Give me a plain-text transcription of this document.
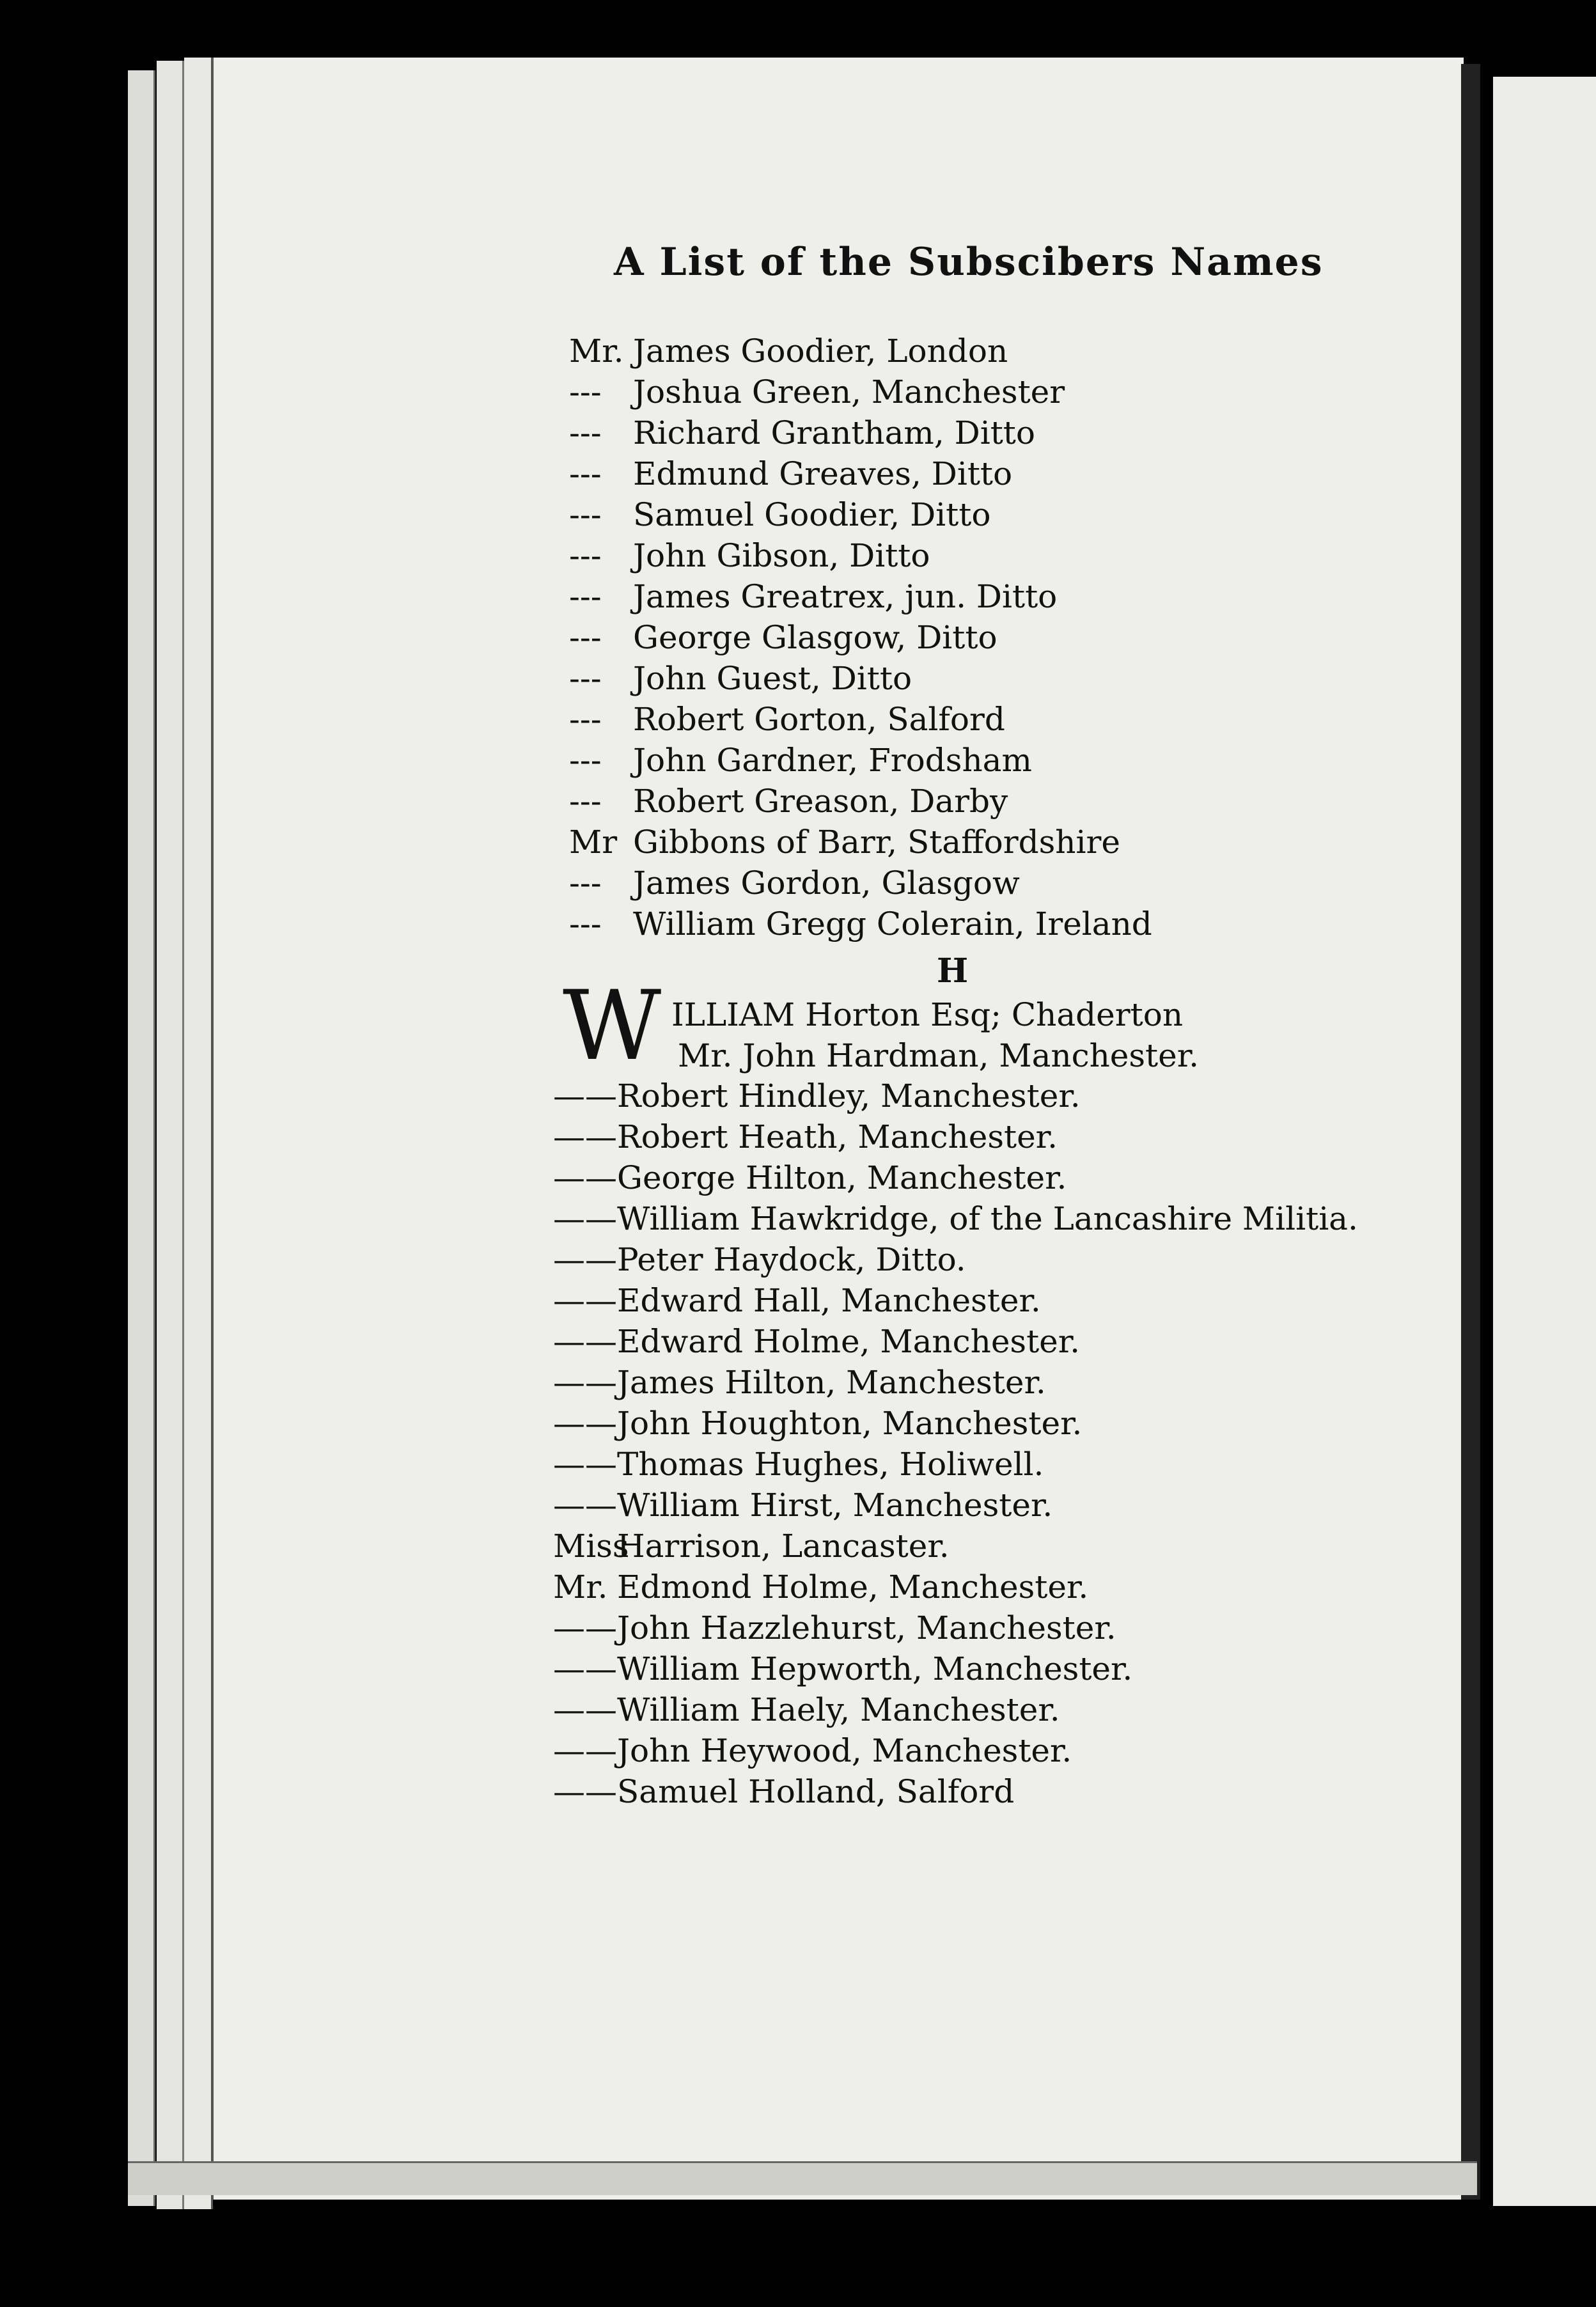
A List of the Subscibers Names
Mr. James Goodier, London
--- Joshua Green, Manchester
--- Richard Grantham, Ditto
--- Edmund Greaves, Ditto
--- Samuel Goodier, Ditto
--- John Gibson, Ditto
--- James Greatrex, jun. Ditto
--- George Glasgow, Ditto
--- John Guest, Ditto
--- Robert Gorton, Salford
--- John Gardner, Frodsham
--- Robert Greason, Darby
Mr Gibbons of Barr, Staffordshire
--- James Gordon, Glasgow
--- William Gregg Colerain, Ireland
H
W ILLIAM Horton Esq; Chaderton
Mr. John Hardman, Manchester.
——Robert Hindley, Manchester.
——Robert Heath, Manchester.
——George Hilton, Manchester.
——William Hawkridge, of the Lancashire Militia.
——Peter Haydock, Ditto.
——Edward Hall, Manchester.
——Edward Holme, Manchester.
——James Hilton, Manchester.
——John Houghton, Manchester.
——Thomas Hughes, Holiwell.
——William Hirst, Manchester.
MissHarrison, Lancaster.
Mr. Edmond Holme, Manchester.
——John Hazzlehurst, Manchester.
——William Hepworth, Manchester.
——William Haely, Manchester.
——John Heywood, Manchester.
——Samuel Holland, Salford
